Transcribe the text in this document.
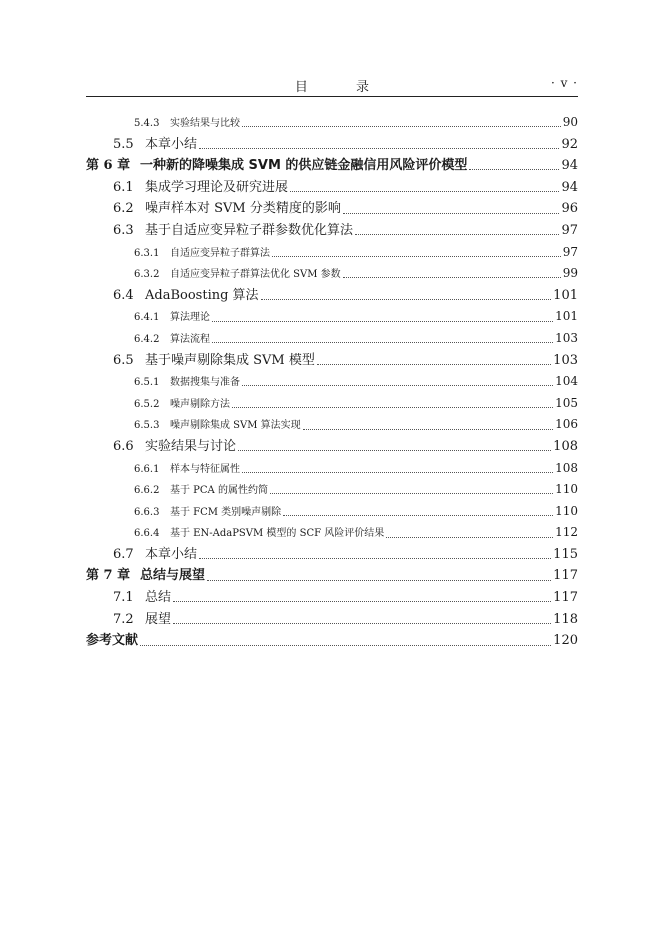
目 录	· v ·
5.4.3	实验结果与比较	90
5.5 本章小结	92
第 6 章 一种新的降噪集成 SVM 的供应链金融信用风险评价模型	94
6.1 集成学习理论及研究进展	94
6.2 噪声样本对 SVM 分类精度的影响	96
6.3 基于自适应变异粒子群参数优化算法	97
6.3.1	自适应变异粒子群算法	97
6.3.2	自适应变异粒子群算法优化 SVM 参数	99
6.4 AdaBoosting 算法	101
6.4.1	算法理论	101
6.4.2	算法流程	103
6.5 基于噪声剔除集成 SVM 模型	103
6.5.1	数据搜集与准备	104
6.5.2	噪声剔除方法	105
6.5.3	噪声剔除集成 SVM 算法实现	106
6.6 实验结果与讨论	108
6.6.1	样本与特征属性	108
6.6.2	基于 PCA 的属性约简	110
6.6.3	基于 FCM 类别噪声剔除	110
6.6.4	基于 EN-AdaPSVM 模型的 SCF 风险评价结果	112
6.7 本章小结	115
第 7 章 总结与展望	117
7.1 总结	117
7.2 展望	118
参考文献	120
